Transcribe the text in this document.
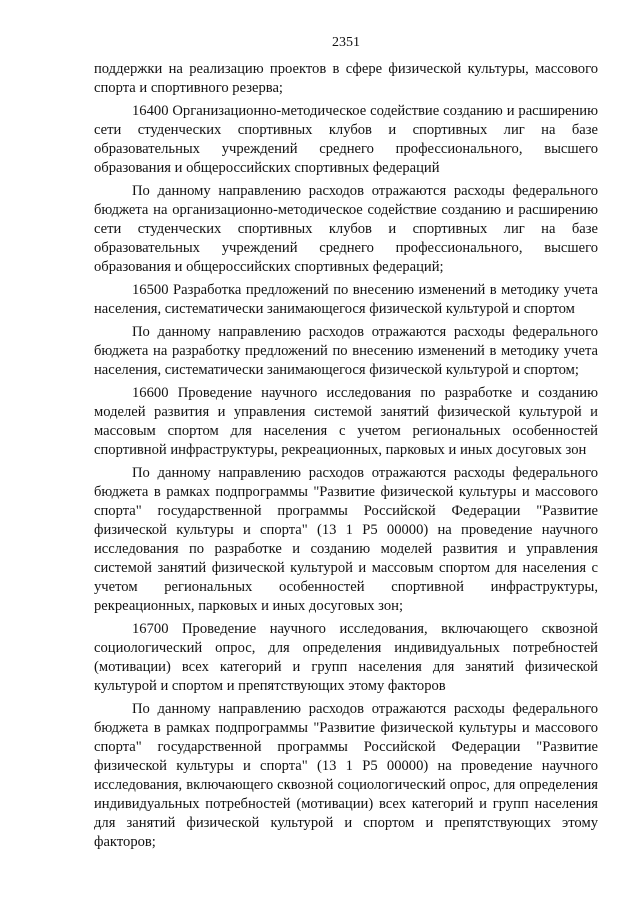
2351

поддержки на реализацию проектов в сфере физической культуры, массового спорта и спортивного резерва;

16400 Организационно-методическое содействие созданию и расширению сети студенческих спортивных клубов и спортивных лиг на базе образовательных учреждений среднего профессионального, высшего образования и общероссийских спортивных федераций

По данному направлению расходов отражаются расходы федерального бюджета на организационно-методическое содействие созданию и расширению сети студенческих спортивных клубов и спортивных лиг на базе образовательных учреждений среднего профессионального, высшего образования и общероссийских спортивных федераций;

16500 Разработка предложений по внесению изменений в методику учета населения, систематически занимающегося физической культурой и спортом

По данному направлению расходов отражаются расходы федерального бюджета на разработку предложений по внесению изменений в методику учета населения, систематически занимающегося физической культурой и спортом;

16600 Проведение научного исследования по разработке и созданию моделей развития и управления системой занятий физической культурой и массовым спортом для населения с учетом региональных особенностей спортивной инфраструктуры, рекреационных, парковых и иных досуговых зон

По данному направлению расходов отражаются расходы федерального бюджета в рамках подпрограммы "Развитие физической культуры и массового спорта" государственной программы Российской Федерации "Развитие физической культуры и спорта" (13 1 Р5 00000) на проведение научного исследования по разработке и созданию моделей развития и управления системой занятий физической культурой и массовым спортом для населения с учетом региональных особенностей спортивной инфраструктуры, рекреационных, парковых и иных досуговых зон;

16700 Проведение научного исследования, включающего сквозной социологический опрос, для определения индивидуальных потребностей (мотивации) всех категорий и групп населения для занятий физической культурой и спортом и препятствующих этому факторов

По данному направлению расходов отражаются расходы федерального бюджета в рамках подпрограммы "Развитие физической культуры и массового спорта" государственной программы Российской Федерации "Развитие физической культуры и спорта" (13 1 Р5 00000) на проведение научного исследования, включающего сквозной социологический опрос, для определения индивидуальных потребностей (мотивации) всех категорий и групп населения для занятий физической культурой и спортом и препятствующих этому факторов;
